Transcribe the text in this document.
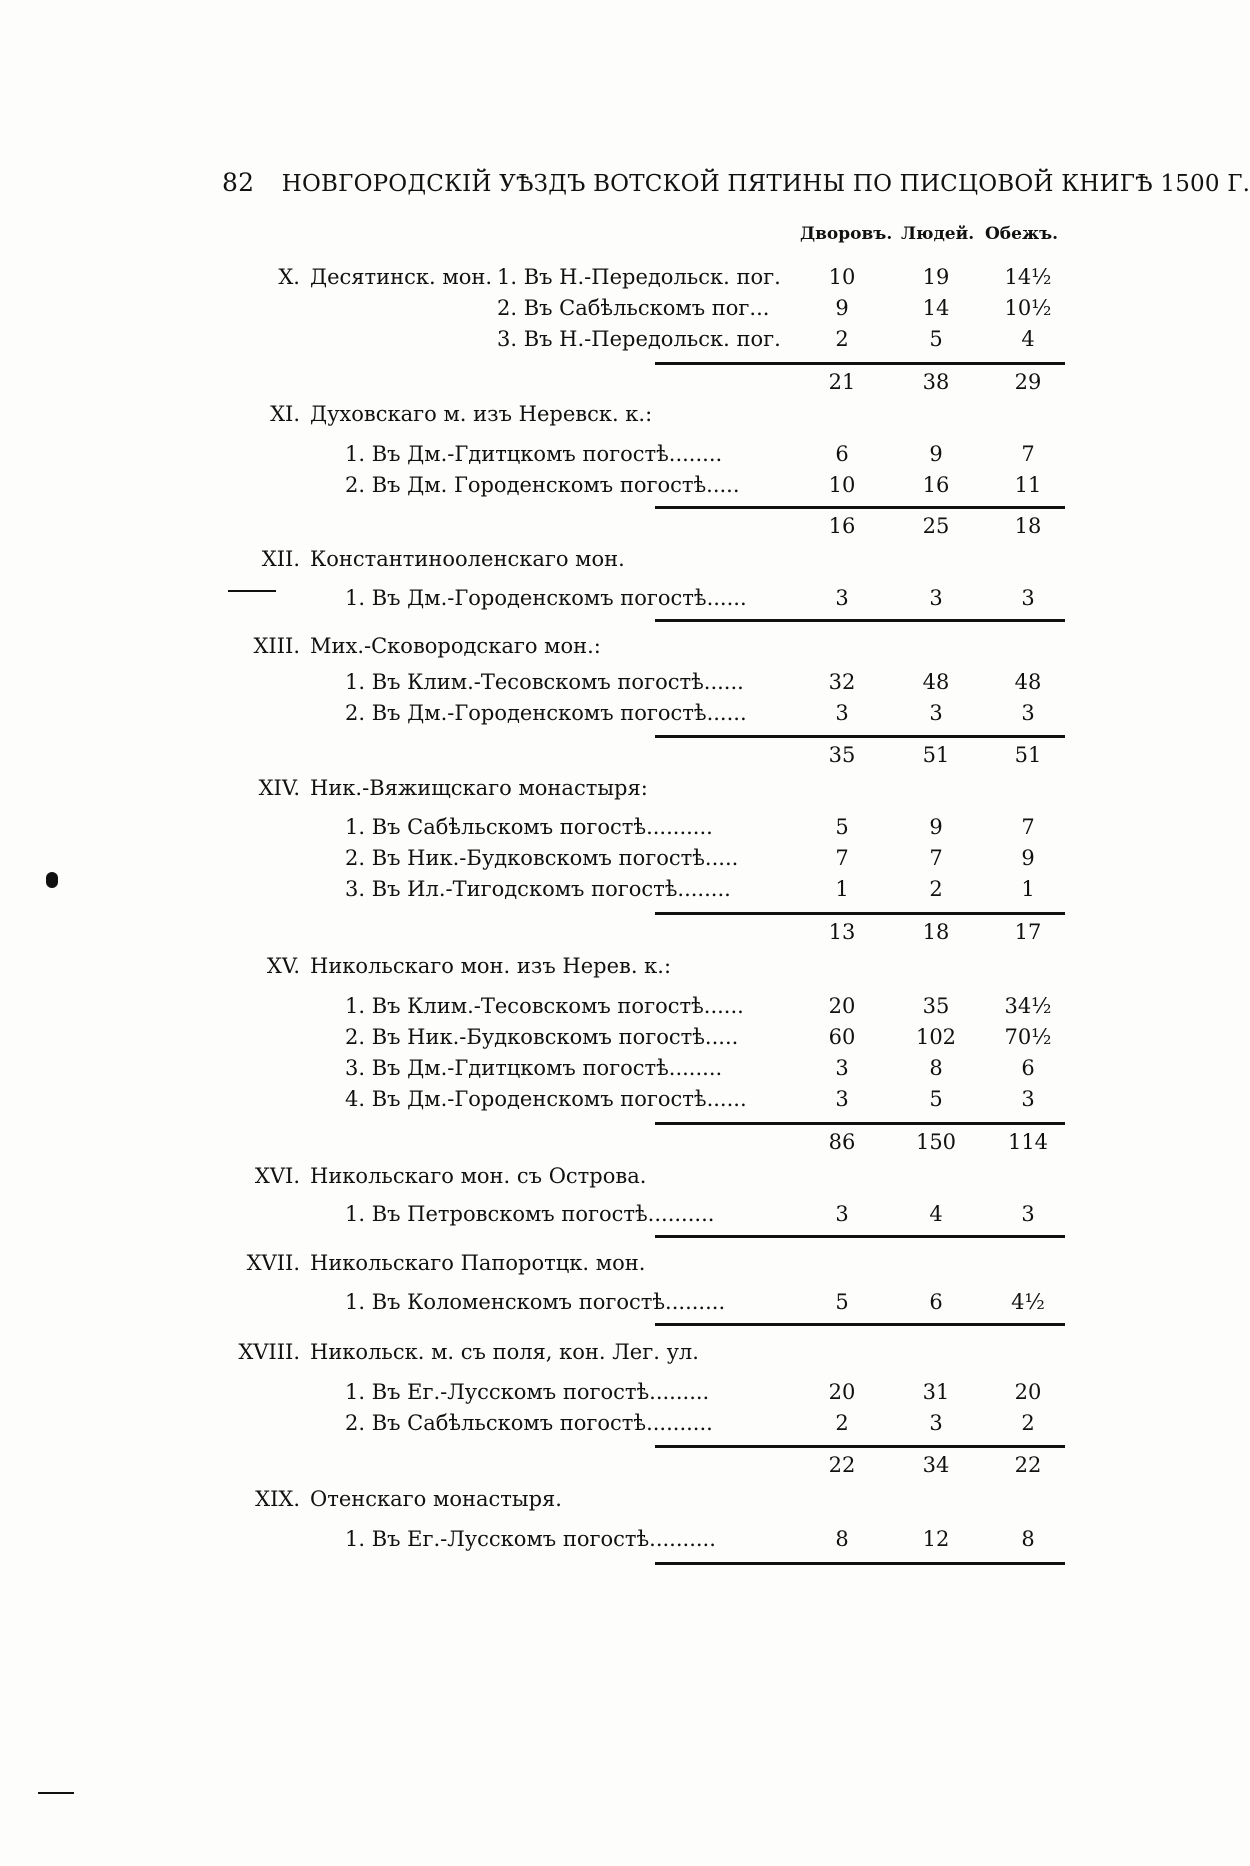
82 НОВГОРОДСКІЙ УѢЗДЪ ВОТСКОЙ ПЯТИНЫ ПО ПИСЦОВОЙ КНИГѢ 1500 Г.
Дворовъ. Людей. Обежъ.
X. Десятинск. мон. 1. Въ Н.-Передольск. пог.	10	19	14½
2. Въ Сабѣльскомъ пог...	9	14	10½
3. Въ Н.-Передольск. пог.	2	5	4
21	38	29
XI. Духовскаго м. изъ Неревск. к.:
1. Въ Дм.-Гдитцкомъ погостѣ........	6	9	7
2. Въ Дм. Городенскомъ погостѣ.....	10	16	11
16	25	18
XII. Константинооленскаго мон.
1. Въ Дм.-Городенскомъ погостѣ......	3	3	3
XIII. Мих.-Сковородскаго мон.:
1. Въ Клим.-Тесовскомъ погостѣ......	32	48	48
2. Въ Дм.-Городенскомъ погостѣ......	3	3	3
35	51	51
XIV. Ник.-Вяжищскаго монастыря:
1. Въ Сабѣльскомъ погостѣ..........	5	9	7
2. Въ Ник.-Будковскомъ погостѣ.....	7	7	9
3. Въ Ил.-Тигодскомъ погостѣ........	1	2	1
13	18	17
XV. Никольскаго мон. изъ Нерев. к.:
1. Въ Клим.-Тесовскомъ погостѣ......	20	35	34½
2. Въ Ник.-Будковскомъ погостѣ.....	60	102	70½
3. Въ Дм.-Гдитцкомъ погостѣ........	3	8	6
4. Въ Дм.-Городенскомъ погостѣ......	3	5	3
86	150	114
XVI. Никольскаго мон. съ Острова.
1. Въ Петровскомъ погостѣ..........	3	4	3
XVII. Никольскаго Папоротцк. мон.
1. Въ Коломенскомъ погостѣ.........	5	6	4½
XVIII. Никольск. м. съ поля, кон. Лег. ул.
1. Въ Ег.-Лусскомъ погостѣ.........	20	31	20
2. Въ Сабѣльскомъ погостѣ..........	2	3	2
22	34	22
XIX. Отенскаго монастыря.
1. Въ Ег.-Лусскомъ погостѣ..........	8	12	8
